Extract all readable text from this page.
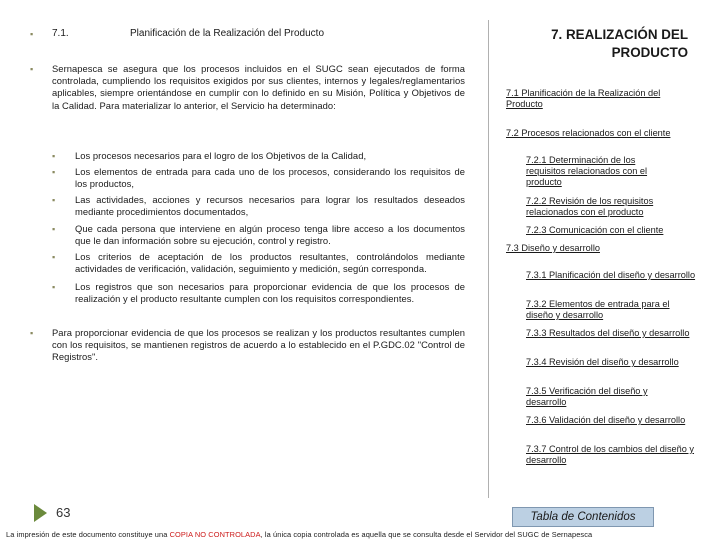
▪ 7.1.	Planificación de la Realización del Producto
▪ Sernapesca se asegura que los procesos incluidos en el SUGC sean ejecutados de forma controlada, cumpliendo los requisitos exigidos por sus clientes, internos y legales/reglamentarios aplicables, siempre orientándose en cumplir con lo definido en su Misión, Política y Objetivos de la Calidad. Para materializar lo anterior, el Servicio ha determinado:

▪ Los procesos necesarios para el logro de los Objetivos de la Calidad,

▪ Los elementos de entrada para cada uno de los procesos, considerando los requisitos de los productos,

▪ Las actividades, acciones y recursos necesarios para lograr los resultados deseados mediante procedimientos documentados,

▪ Que cada persona que interviene en algún proceso tenga libre acceso a los documentos que le dan información sobre su ejecución, control y registro.

▪ Los criterios de aceptación de los productos resultantes, controlándolos mediante actividades de verificación, validación, seguimiento y medición, según corresponda.

▪ Los registros que son necesarios para proporcionar evidencia de que los procesos de realización y el producto resultante cumplen con los requisitos correspondientes.

▪ Para proporcionar evidencia de que los procesos se realizan y los productos resultantes cumplen con los requisitos, se mantienen registros de acuerdo a lo establecido en el P.GDC.02 "Control de Registros".

7. REALIZACIÓN DEL PRODUCTO
7.1 Planificación de la Realización del Producto
7.2 Procesos relacionados con el cliente
7.2.1 Determinación de los requisitos relacionados con el producto
7.2.2 Revisión de los requisitos relacionados con el producto
7.2.3 Comunicación con el cliente
7.3 Diseño y desarrollo
7.3.1 Planificación del diseño y desarrollo
7.3.2 Elementos de entrada para el diseño y desarrollo
7.3.3 Resultados del diseño y desarrollo
7.3.4 Revisión del diseño y desarrollo
7.3.5 Verificación del diseño y desarrollo
7.3.6 Validación del diseño y desarrollo
7.3.7 Control de los cambios del diseño y desarrollo
63	Tabla de Contenidos
La impresión de este documento constituye una COPIA NO CONTROLADA, la única copia controlada es aquella que se consulta desde el Servidor del SUGC de Sernapesca
